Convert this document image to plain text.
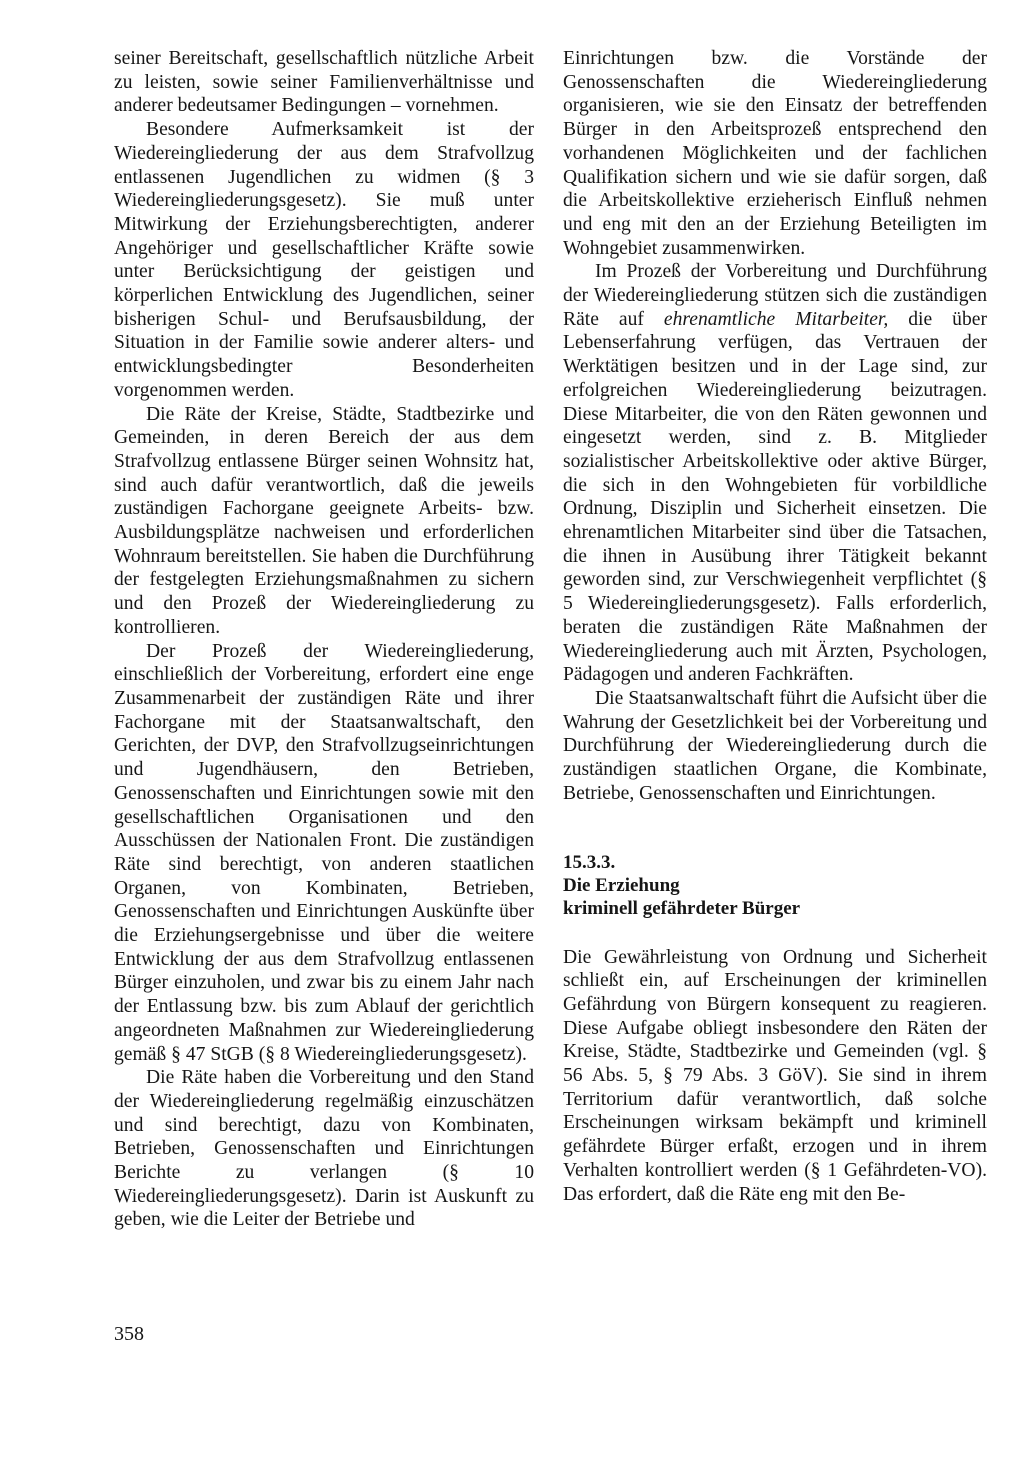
seiner Bereitschaft, gesellschaftlich nützliche Arbeit zu leisten, sowie seiner Familienverhältnisse und anderer bedeutsamer Bedingungen – vornehmen.

Besondere Aufmerksamkeit ist der Wiedereingliederung der aus dem Strafvollzug entlassenen Jugendlichen zu widmen (§ 3 Wiedereingliederungsgesetz). Sie muß unter Mitwirkung der Erziehungsberechtigten, anderer Angehöriger und gesellschaftlicher Kräfte sowie unter Berücksichtigung der geistigen und körperlichen Entwicklung des Jugendlichen, seiner bisherigen Schul- und Berufsausbildung, der Situation in der Familie sowie anderer alters- und entwicklungsbedingter Besonderheiten vorgenommen werden.

Die Räte der Kreise, Städte, Stadtbezirke und Gemeinden, in deren Bereich der aus dem Strafvollzug entlassene Bürger seinen Wohnsitz hat, sind auch dafür verantwortlich, daß die jeweils zuständigen Fachorgane geeignete Arbeits- bzw. Ausbildungsplätze nachweisen und erforderlichen Wohnraum bereitstellen. Sie haben die Durchführung der festgelegten Erziehungsmaßnahmen zu sichern und den Prozeß der Wiedereingliederung zu kontrollieren.

Der Prozeß der Wiedereingliederung, einschließlich der Vorbereitung, erfordert eine enge Zusammenarbeit der zuständigen Räte und ihrer Fachorgane mit der Staatsanwaltschaft, den Gerichten, der DVP, den Strafvollzugseinrichtungen und Jugendhäusern, den Betrieben, Genossenschaften und Einrichtungen sowie mit den gesellschaftlichen Organisationen und den Ausschüssen der Nationalen Front. Die zuständigen Räte sind berechtigt, von anderen staatlichen Organen, von Kombinaten, Betrieben, Genossenschaften und Einrichtungen Auskünfte über die Erziehungsergebnisse und über die weitere Entwicklung der aus dem Strafvollzug entlassenen Bürger einzuholen, und zwar bis zu einem Jahr nach der Entlassung bzw. bis zum Ablauf der gerichtlich angeordneten Maßnahmen zur Wiedereingliederung gemäß § 47 StGB (§ 8 Wiedereingliederungsgesetz).

Die Räte haben die Vorbereitung und den Stand der Wiedereingliederung regelmäßig einzuschätzen und sind berechtigt, dazu von Kombinaten, Betrieben, Genossenschaften und Einrichtungen Berichte zu verlangen (§ 10 Wiedereingliederungsgesetz). Darin ist Auskunft zu geben, wie die Leiter der Betriebe und

Einrichtungen bzw. die Vorstände der Genossenschaften die Wiedereingliederung organisieren, wie sie den Einsatz der betreffenden Bürger in den Arbeitsprozeß entsprechend den vorhandenen Möglichkeiten und der fachlichen Qualifikation sichern und wie sie dafür sorgen, daß die Arbeitskollektive erzieherisch Einfluß nehmen und eng mit den an der Erziehung Beteiligten im Wohngebiet zusammenwirken.

Im Prozeß der Vorbereitung und Durchführung der Wiedereingliederung stützen sich die zuständigen Räte auf ehrenamtliche Mitarbeiter, die über Lebenserfahrung verfügen, das Vertrauen der Werktätigen besitzen und in der Lage sind, zur erfolgreichen Wiedereingliederung beizutragen. Diese Mitarbeiter, die von den Räten gewonnen und eingesetzt werden, sind z. B. Mitglieder sozialistischer Arbeitskollektive oder aktive Bürger, die sich in den Wohngebieten für vorbildliche Ordnung, Disziplin und Sicherheit einsetzen. Die ehrenamtlichen Mitarbeiter sind über die Tatsachen, die ihnen in Ausübung ihrer Tätigkeit bekannt geworden sind, zur Verschwiegenheit verpflichtet (§ 5 Wiedereingliederungsgesetz). Falls erforderlich, beraten die zuständigen Räte Maßnahmen der Wiedereingliederung auch mit Ärzten, Psychologen, Pädagogen und anderen Fachkräften.

Die Staatsanwaltschaft führt die Aufsicht über die Wahrung der Gesetzlichkeit bei der Vorbereitung und Durchführung der Wiedereingliederung durch die zuständigen staatlichen Organe, die Kombinate, Betriebe, Genossenschaften und Einrichtungen.

15.3.3.
Die Erziehung
kriminell gefährdeter Bürger

Die Gewährleistung von Ordnung und Sicherheit schließt ein, auf Erscheinungen der kriminellen Gefährdung von Bürgern konsequent zu reagieren. Diese Aufgabe obliegt insbesondere den Räten der Kreise, Städte, Stadtbezirke und Gemeinden (vgl. § 56 Abs. 5, § 79 Abs. 3 GöV). Sie sind in ihrem Territorium dafür verantwortlich, daß solche Erscheinungen wirksam bekämpft und kriminell gefährdete Bürger erfaßt, erzogen und in ihrem Verhalten kontrolliert werden (§ 1 Gefährdeten-VO). Das erfordert, daß die Räte eng mit den Be-

358
